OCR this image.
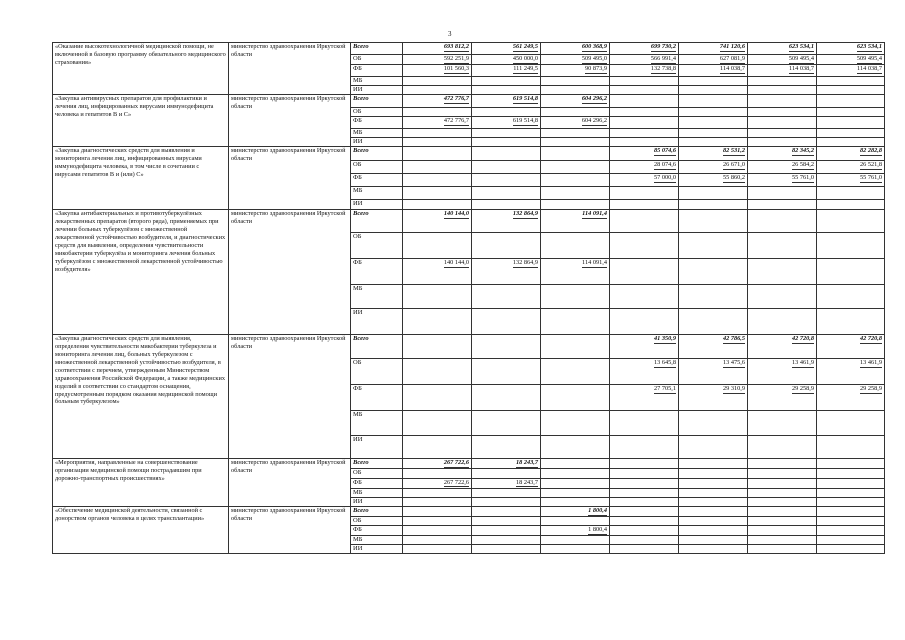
3
«Оказание высокотехнологичной медицинской помощи, не включенной в базовую программу обязательного медицинского страхования»	министерство здравоохранения Иркутской области	Всего	693 812,2	561 249,5	600 368,9	699 730,2	741 120,6	623 534,1	623 534,1
		ОБ	592 251,9	450 000,0	509 495,0	566 991,4	627 081,9	509 495,4	509 495,4
		ФБ	101 560,3	111 249,5	90 873,9	132 738,8	114 038,7	114 038,7	114 038,7
		МБ							
		ИИ							
«Закупка антивирусных препаратов для профилактики и лечения лиц, инфицированных вирусами иммунодефицита человека и гепатитов В и С»	министерство здравоохранения Иркутской области	Всего	472 776,7	619 514,8	604 296,2				
		ОБ							
		ФБ	472 776,7	619 514,8	604 296,2				
		МБ							
		ИИ							
«Закупка диагностических средств для выявления и мониторинга лечения лиц, инфицированных вирусами иммунодефицита человека, в том числе в сочетании с вирусами гепатитов В и (или) С»	министерство здравоохранения Иркутской области	Всего				85 074,6	82 531,2	82 345,2	82 282,8
		ОБ				28 074,6	26 671,0	26 584,2	26 521,8
		ФБ				57 000,0	55 860,2	55 761,0	55 761,0
		МБ							
		ИИ							
«Закупка антибактериальных и противотуберкулёзных лекарственных препаратов (второго ряда), применяемых при лечении больных туберкулёзом с множественной лекарственной устойчивостью возбудителя, и диагностических средств для выявления, определения чувствительности микобактерии туберкулёза и мониторинга лечения больных туберкулёзом с множественной лекарственной устойчивостью возбудителя»	министерство здравоохранения Иркутской области	Всего	140 144,0	132 864,9	114 091,4				
		ОБ							
		ФБ	140 144,0	132 864,9	114 091,4				
		МБ							
		ИИ							
«Закупка диагностических средств для выявления, определения чувствительности микобактерии туберкулеза и мониторинга лечения лиц, больных туберкулезом с множественной лекарственной устойчивостью возбудителя, в соответствии с перечнем, утвержденным Министерством здравоохранения Российской Федерации, а также медицинских изделий в соответствии со стандартом оснащения, предусмотренным порядком оказания медицинской помощи больным туберкулезом»	министерство здравоохранения Иркутской области	Всего				41 350,9	42 786,5	42 720,8	42 720,8
		ОБ				13 645,8	13 475,6	13 461,9	13 461,9
		ФБ				27 705,1	29 310,9	29 258,9	29 258,9
		МБ							
		ИИ							
«Мероприятия, направленные на совершенствование организации медицинской помощи пострадавшим при дорожно-транспортных происшествиях»	министерство здравоохранения Иркутской области	Всего	267 722,6	18 243,7					
		ОБ							
		ФБ	267 722,6	18 243,7					
		МБ							
		ИИ							
«Обеспечение медицинской деятельности, связанной с донорством органов человека в целях трансплантации»	министерство здравоохранения Иркутской области	Всего			1 800,4				
		ОБ							
		ФБ			1 800,4				
		МБ							
		ИИ							
